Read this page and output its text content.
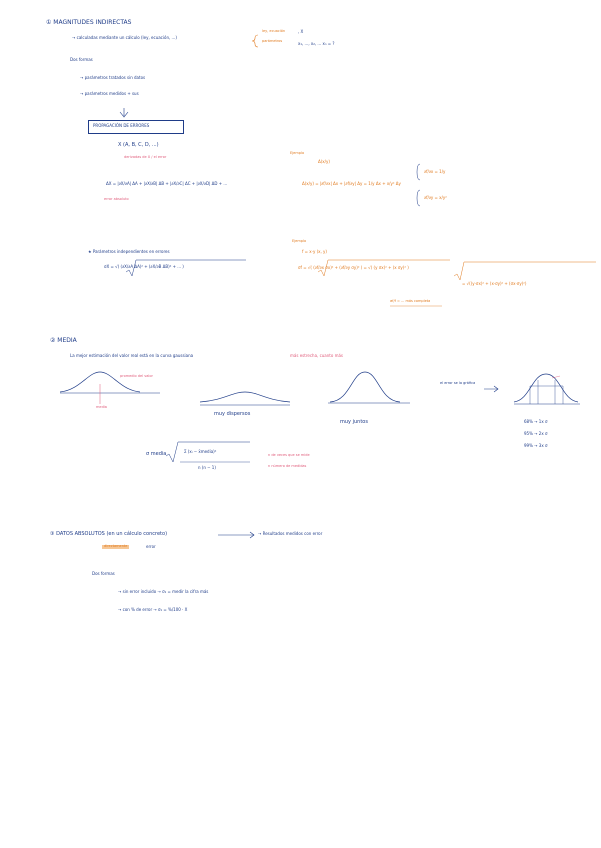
① MAGNITUDES INDIRECTAS
→ calculadas mediante un cálculo (ley, ecuación, ...)
ley, ecuación
parámetros
, X
x₁, ..., x₂, ... xₙ = ?
Dos formas
→ parámetros tratados sin datos
→ parámetros medidos + sus
PROPAGACIÓN DE ERRORES
X (A, B, C, D, ...)
derivadas de X / el error
ΔX = |∂X/∂A| ΔA + |∂X/∂B| ΔB + |∂X/∂C| ΔC + |∂X/∂D| ΔD + ...
error absoluto
Ejemplo
Δ(x/y)
Δ(x/y) = |∂f/∂x| Δx + |∂f/∂y| Δy = 1/y Δx + x/y² Δy
∂f/∂x = 1/y
∂f/∂y = x/y²
★ Parámetros independientes en errores
σX = √( (∂X/∂A ΔA)² + (∂X/∂B ΔB)² + ... )
Ejemplo
f = x·y (x, y)
σf = √( (∂f/∂x σx)² + (∂f/∂y σy)² ) = √( (y σx)² + (x σy)² )
= √((y·σx)² + (x·σy)² + (σx·σy)²)
σf/f = ... más completa
② MEDIA
La mejor estimación del valor real está en la curva gaussiana	más estrecha, cuanto más
promedio del valor
media
muy dispersos
muy juntos
el error se la gráfica
68% → 1x σ
95% → 2x σ
99% → 3x σ
σ media	Σ (xᵢ − x̄media)²
n (n − 1)
n de veces que se mide
n número de medidas
③ DATOS ABSOLUTOS (en un cálculo concreto)	→ Resultados medidos con error
directamente	error
Dos formas
→ sin error incluido → σ₁ = medir la cifra más
→ con % de error → σ₁ = %/100 · X
